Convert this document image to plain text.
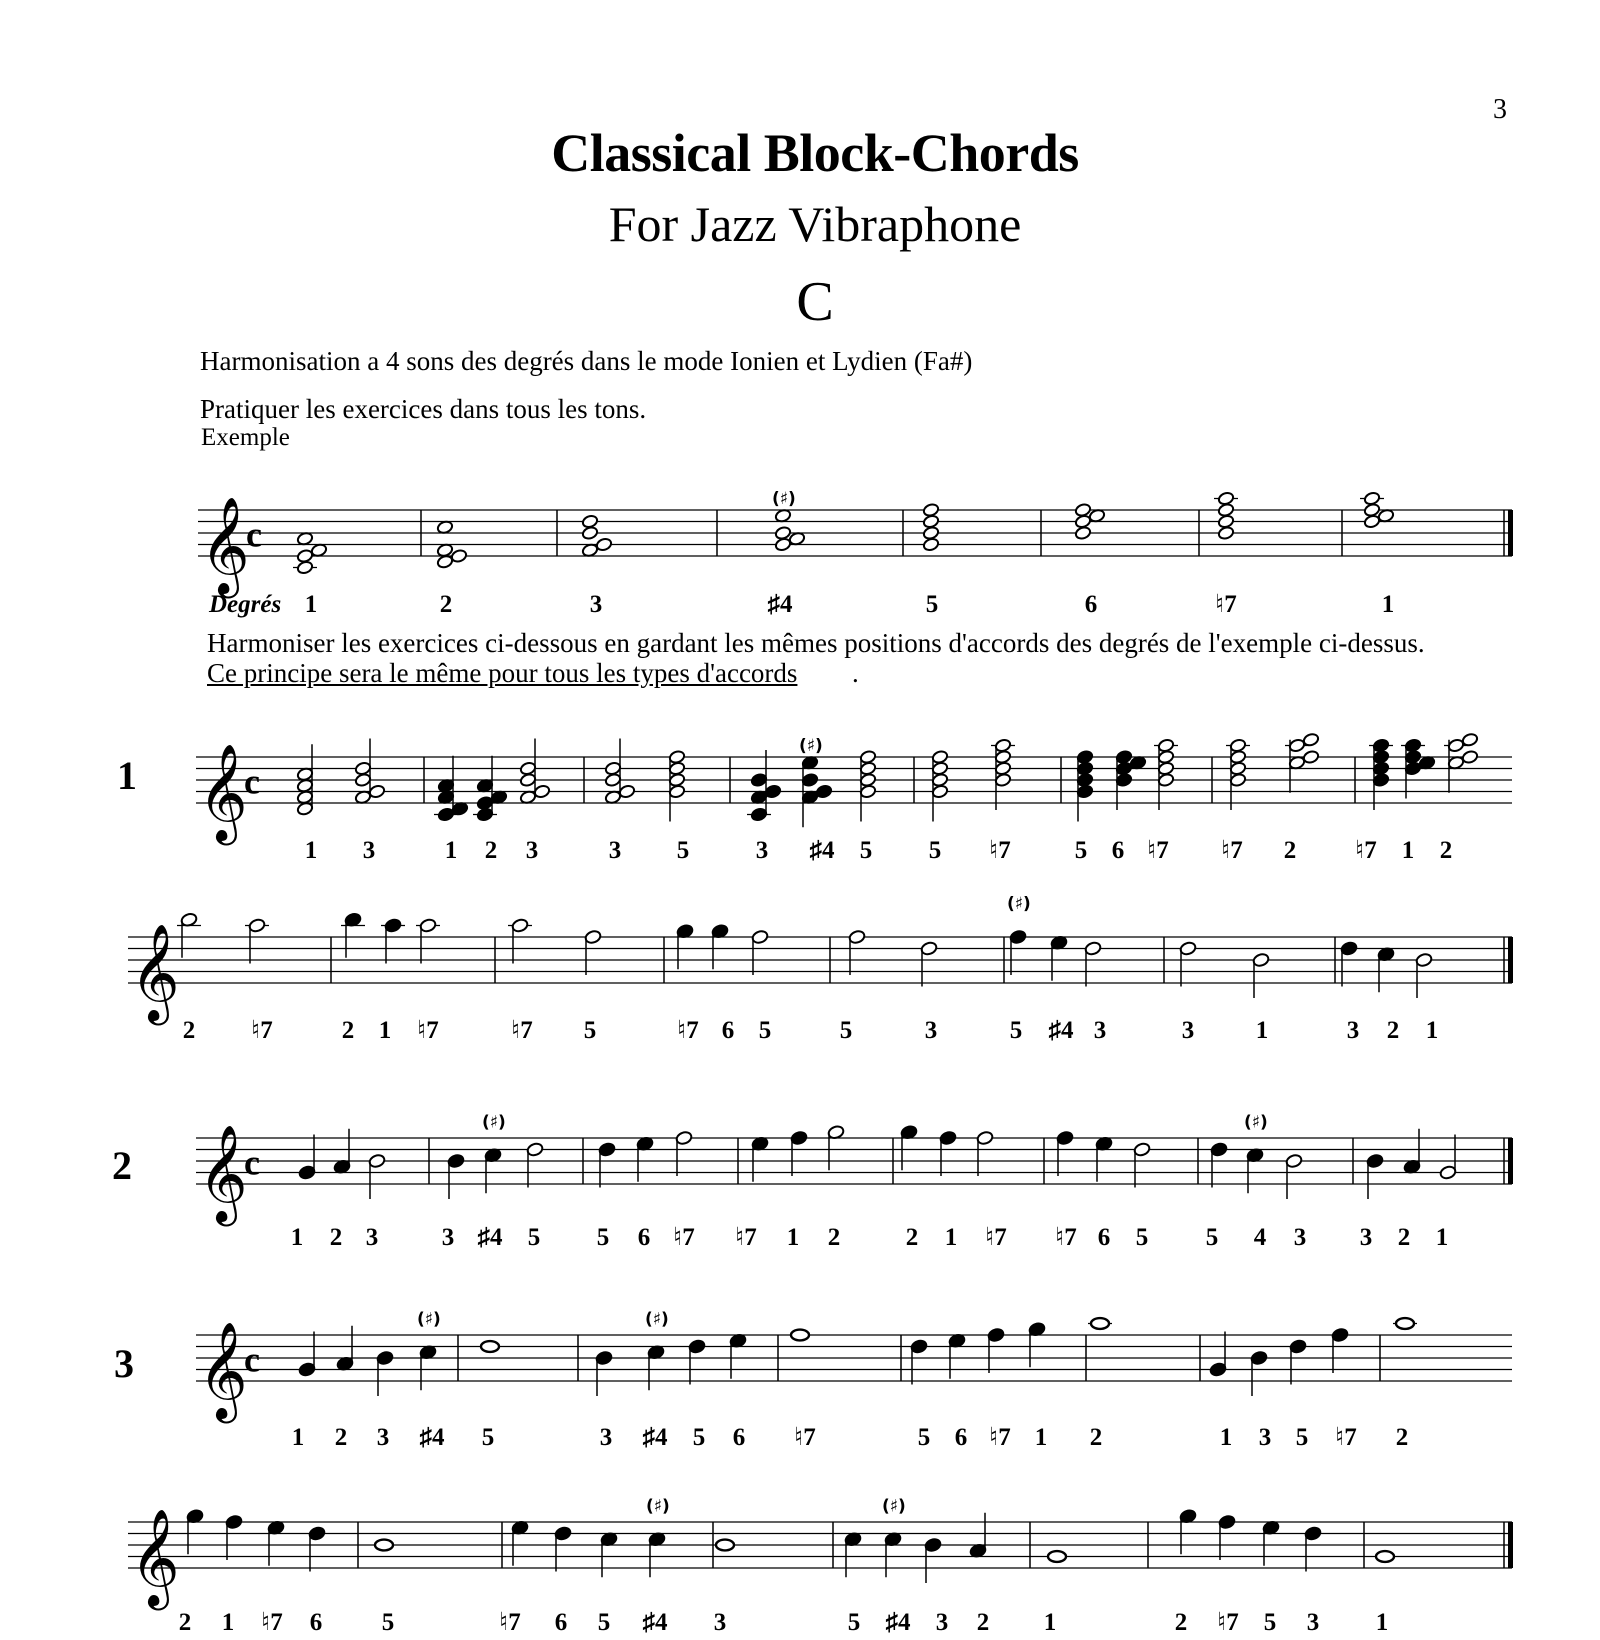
3
Classical Block-Chords
For Jazz Vibraphone
C
Harmonisation a 4 sons des degrés dans le mode Ionien et Lydien (Fa#)
Pratiquer les exercices dans tous les tons.
Exemple
Harmoniser les exercices ci-dessous en gardant les mêmes positions d'accords des degrés de l'exemple ci-dessus.
Ce principe sera le même pour tous les types d'accords .
1
2
3
𝄞
c
(♯)
Degrés 1	2	3	♯4	5	6	♮7	1
𝄞
c
(♯)
1 3	1 2 3	3 5	3 ♯4 5 5 ♮7	5 6 ♮7 ♮7 2 ♮7 1 2
𝄞
(♯)
2 ♮7	2 1 ♮7	♮7 5	♮7 6 5	5	3	5 ♯4 3	3 1	3 2 1
𝄞
c
(♯)	(♯)
1 2 3	3 ♯4 5 5 6 ♮7 ♮7 1 2	2 1 ♮7 ♮7 6 5 5 4 3 3 2 1
𝄞
c
(♯)	(♯)
1 2 3 ♯4 5	3 ♯4 5 6 ♮7	5 6 ♮7 1 2	1 3 5 ♮7 2
𝄞
(♯)	(♯)
2 1 ♮7 6 5	♮7 6 5 ♯4 3	5 ♯4 3 2 1	2 ♮7 5 3 1
